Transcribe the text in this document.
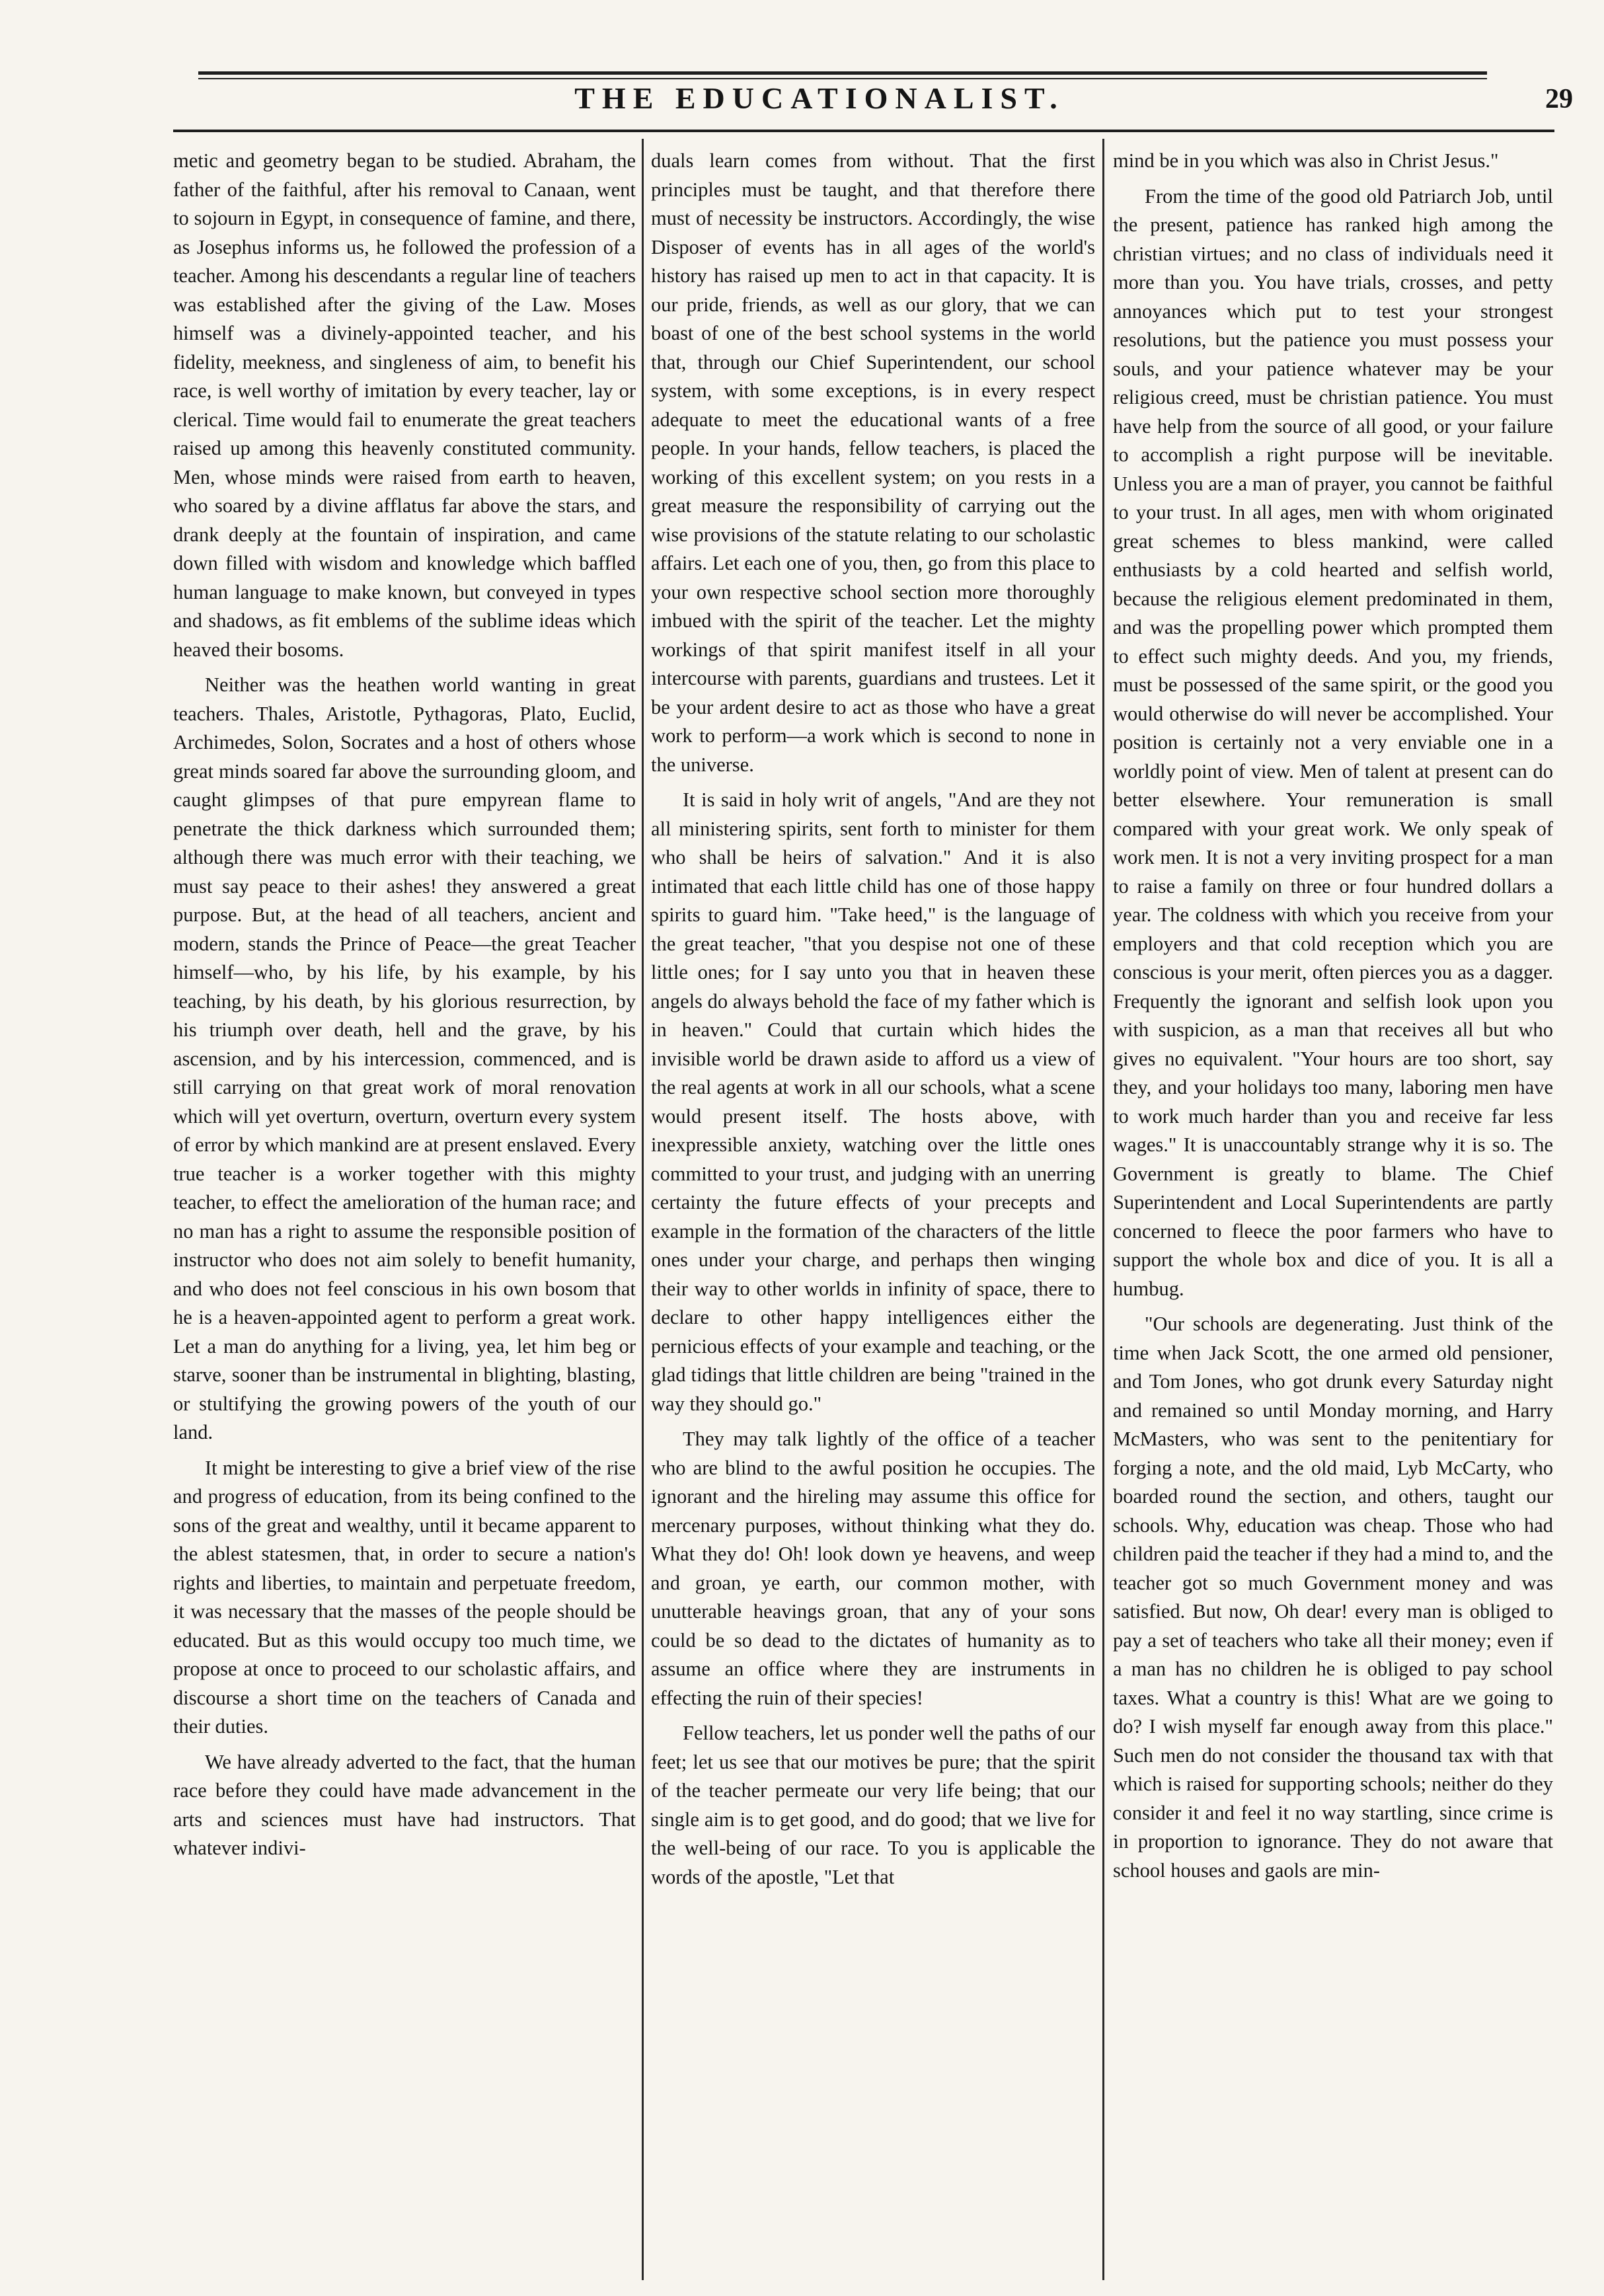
THE EDUCATIONALIST.	29

metic and geometry began to be studied. Abraham, the father of the faithful, after his removal to Canaan, went to sojourn in Egypt, in consequence of famine, and there, as Josephus informs us, he followed the profession of a teacher. Among his descendants a regular line of teachers was established after the giving of the Law. Moses himself was a divinely-appointed teacher, and his fidelity, meekness, and singleness of aim, to benefit his race, is well worthy of imitation by every teacher, lay or clerical. Time would fail to enumerate the great teachers raised up among this heavenly constituted community. Men, whose minds were raised from earth to heaven, who soared by a divine afflatus far above the stars, and drank deeply at the fountain of inspiration, and came down filled with wisdom and knowledge which baffled human language to make known, but conveyed in types and shadows, as fit emblems of the sublime ideas which heaved their bosoms.

Neither was the heathen world wanting in great teachers. Thales, Aristotle, Pythagoras, Plato, Euclid, Archimedes, Solon, Socrates and a host of others whose great minds soared far above the surrounding gloom, and caught glimpses of that pure empyrean flame to penetrate the thick darkness which surrounded them; although there was much error with their teaching, we must say peace to their ashes! they answered a great purpose. But, at the head of all teachers, ancient and modern, stands the Prince of Peace—the great Teacher himself—who, by his life, by his example, by his teaching, by his death, by his glorious resurrection, by his triumph over death, hell and the grave, by his ascension, and by his intercession, commenced, and is still carrying on that great work of moral renovation which will yet overturn, overturn, overturn every system of error by which mankind are at present enslaved. Every true teacher is a worker together with this mighty teacher, to effect the amelioration of the human race; and no man has a right to assume the responsible position of instructor who does not aim solely to benefit humanity, and who does not feel conscious in his own bosom that he is a heaven-appointed agent to perform a great work. Let a man do anything for a living, yea, let him beg or starve, sooner than be instrumental in blighting, blasting, or stultifying the growing powers of the youth of our land.

It might be interesting to give a brief view of the rise and progress of education, from its being confined to the sons of the great and wealthy, until it became apparent to the ablest statesmen, that, in order to secure a nation's rights and liberties, to maintain and perpetuate freedom, it was necessary that the masses of the people should be educated. But as this would occupy too much time, we propose at once to proceed to our scholastic affairs, and discourse a short time on the teachers of Canada and their duties.

We have already adverted to the fact, that the human race before they could have made advancement in the arts and sciences must have had instructors. That whatever indivi-

duals learn comes from without. That the first principles must be taught, and that therefore there must of necessity be instructors. Accordingly, the wise Disposer of events has in all ages of the world's history has raised up men to act in that capacity. It is our pride, friends, as well as our glory, that we can boast of one of the best school systems in the world that, through our Chief Superintendent, our school system, with some exceptions, is in every respect adequate to meet the educational wants of a free people. In your hands, fellow teachers, is placed the working of this excellent system; on you rests in a great measure the responsibility of carrying out the wise provisions of the statute relating to our scholastic affairs. Let each one of you, then, go from this place to your own respective school section more thoroughly imbued with the spirit of the teacher. Let the mighty workings of that spirit manifest itself in all your intercourse with parents, guardians and trustees. Let it be your ardent desire to act as those who have a great work to perform—a work which is second to none in the universe.

It is said in holy writ of angels, "And are they not all ministering spirits, sent forth to minister for them who shall be heirs of salvation." And it is also intimated that each little child has one of those happy spirits to guard him. "Take heed," is the language of the great teacher, "that you despise not one of these little ones; for I say unto you that in heaven these angels do always behold the face of my father which is in heaven." Could that curtain which hides the invisible world be drawn aside to afford us a view of the real agents at work in all our schools, what a scene would present itself. The hosts above, with inexpressible anxiety, watching over the little ones committed to your trust, and judging with an unerring certainty the future effects of your precepts and example in the formation of the characters of the little ones under your charge, and perhaps then winging their way to other worlds in infinity of space, there to declare to other happy intelligences either the pernicious effects of your example and teaching, or the glad tidings that little children are being "trained in the way they should go."

They may talk lightly of the office of a teacher who are blind to the awful position he occupies. The ignorant and the hireling may assume this office for mercenary purposes, without thinking what they do. What they do! Oh! look down ye heavens, and weep and groan, ye earth, our common mother, with unutterable heavings groan, that any of your sons could be so dead to the dictates of humanity as to assume an office where they are instruments in effecting the ruin of their species!

Fellow teachers, let us ponder well the paths of our feet; let us see that our motives be pure; that the spirit of the teacher permeate our very life being; that our single aim is to get good, and do good; that we live for the well-being of our race. To you is applicable the words of the apostle, "Let that

mind be in you which was also in Christ Jesus."

From the time of the good old Patriarch Job, until the present, patience has ranked high among the christian virtues; and no class of individuals need it more than you. You have trials, crosses, and petty annoyances which put to test your strongest resolutions, but the patience you must possess your souls, and your patience whatever may be your religious creed, must be christian patience. You must have help from the source of all good, or your failure to accomplish a right purpose will be inevitable. Unless you are a man of prayer, you cannot be faithful to your trust. In all ages, men with whom originated great schemes to bless mankind, were called enthusiasts by a cold hearted and selfish world, because the religious element predominated in them, and was the propelling power which prompted them to effect such mighty deeds. And you, my friends, must be possessed of the same spirit, or the good you would otherwise do will never be accomplished. Your position is certainly not a very enviable one in a worldly point of view. Men of talent at present can do better elsewhere. Your remuneration is small compared with your great work. We only speak of work men. It is not a very inviting prospect for a man to raise a family on three or four hundred dollars a year. The coldness with which you receive from your employers and that cold reception which you are conscious is your merit, often pierces you as a dagger. Frequently the ignorant and selfish look upon you with suspicion, as a man that receives all but who gives no equivalent. "Your hours are too short, say they, and your holidays too many, laboring men have to work much harder than you and receive far less wages." It is unaccountably strange why it is so. The Government is greatly to blame. The Chief Superintendent and Local Superintendents are partly concerned to fleece the poor farmers who have to support the whole box and dice of you. It is all a humbug.

"Our schools are degenerating. Just think of the time when Jack Scott, the one armed old pensioner, and Tom Jones, who got drunk every Saturday night and remained so until Monday morning, and Harry McMasters, who was sent to the penitentiary for forging a note, and the old maid, Lyb McCarty, who boarded round the section, and others, taught our schools. Why, education was cheap. Those who had children paid the teacher if they had a mind to, and the teacher got so much Government money and was satisfied. But now, Oh dear! every man is obliged to pay a set of teachers who take all their money; even if a man has no children he is obliged to pay school taxes. What a country is this! What are we going to do? I wish myself far enough away from this place." Such men do not consider the thousand tax with that which is raised for supporting schools; neither do they consider it and feel it no way startling, since crime is in proportion to ignorance. They do not aware that school houses and gaols are min-
